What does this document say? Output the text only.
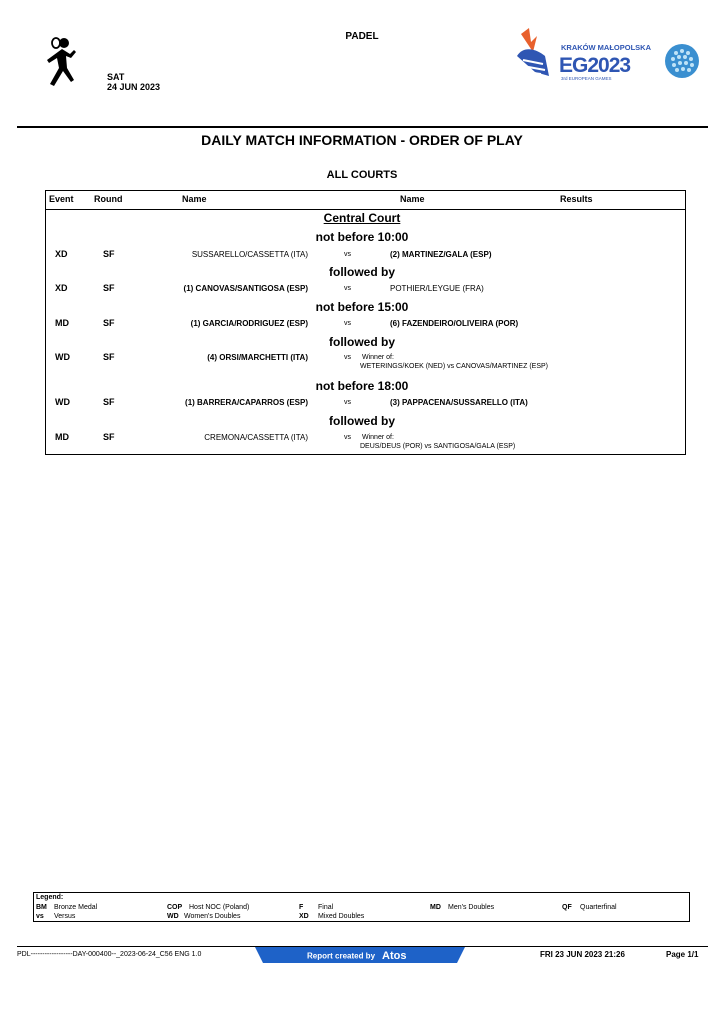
PADEL
SAT
24 JUN 2023
KRAKÓW MAŁOPOLSKA
EG2023
3rd EUROPEAN GAMES
DAILY MATCH INFORMATION - ORDER OF PLAY
ALL COURTS
Event Round	Name	Name	Results
Central Court
not before 10:00
XD	SF	SUSSARELLO/CASSETTA (ITA)	vs	(2) MARTINEZ/GALA (ESP)
followed by
XD	SF	(1) CANOVAS/SANTIGOSA (ESP)	vs	POTHIER/LEYGUE (FRA)
not before 15:00
MD	SF	(1) GARCIA/RODRIGUEZ (ESP)	vs	(6) FAZENDEIRO/OLIVEIRA (POR)
followed by
WD	SF	(4) ORSI/MARCHETTI (ITA)	vs Winner of:
WETERINGS/KOEK (NED) vs CANOVAS/MARTINEZ (ESP)
not before 18:00
WD	SF	(1) BARRERA/CAPARROS (ESP)	vs	(3) PAPPACENA/SUSSARELLO (ITA)
followed by
MD	SF	CREMONA/CASSETTA (ITA)	vs Winner of:
DEUS/DEUS (POR) vs SANTIGOSA/GALA (ESP)
Legend:
BM Bronze Medal	COP Host NOC (Poland)	F Final	MD Men's Doubles	QF Quarterfinal
vs Versus	WD Women's Doubles	XD Mixed Doubles
PDL------------------DAY-000400--_2023-06-24_C56 ENG 1.0	Report created by Atos	FRI 23 JUN 2023 21:26	Page 1/1
